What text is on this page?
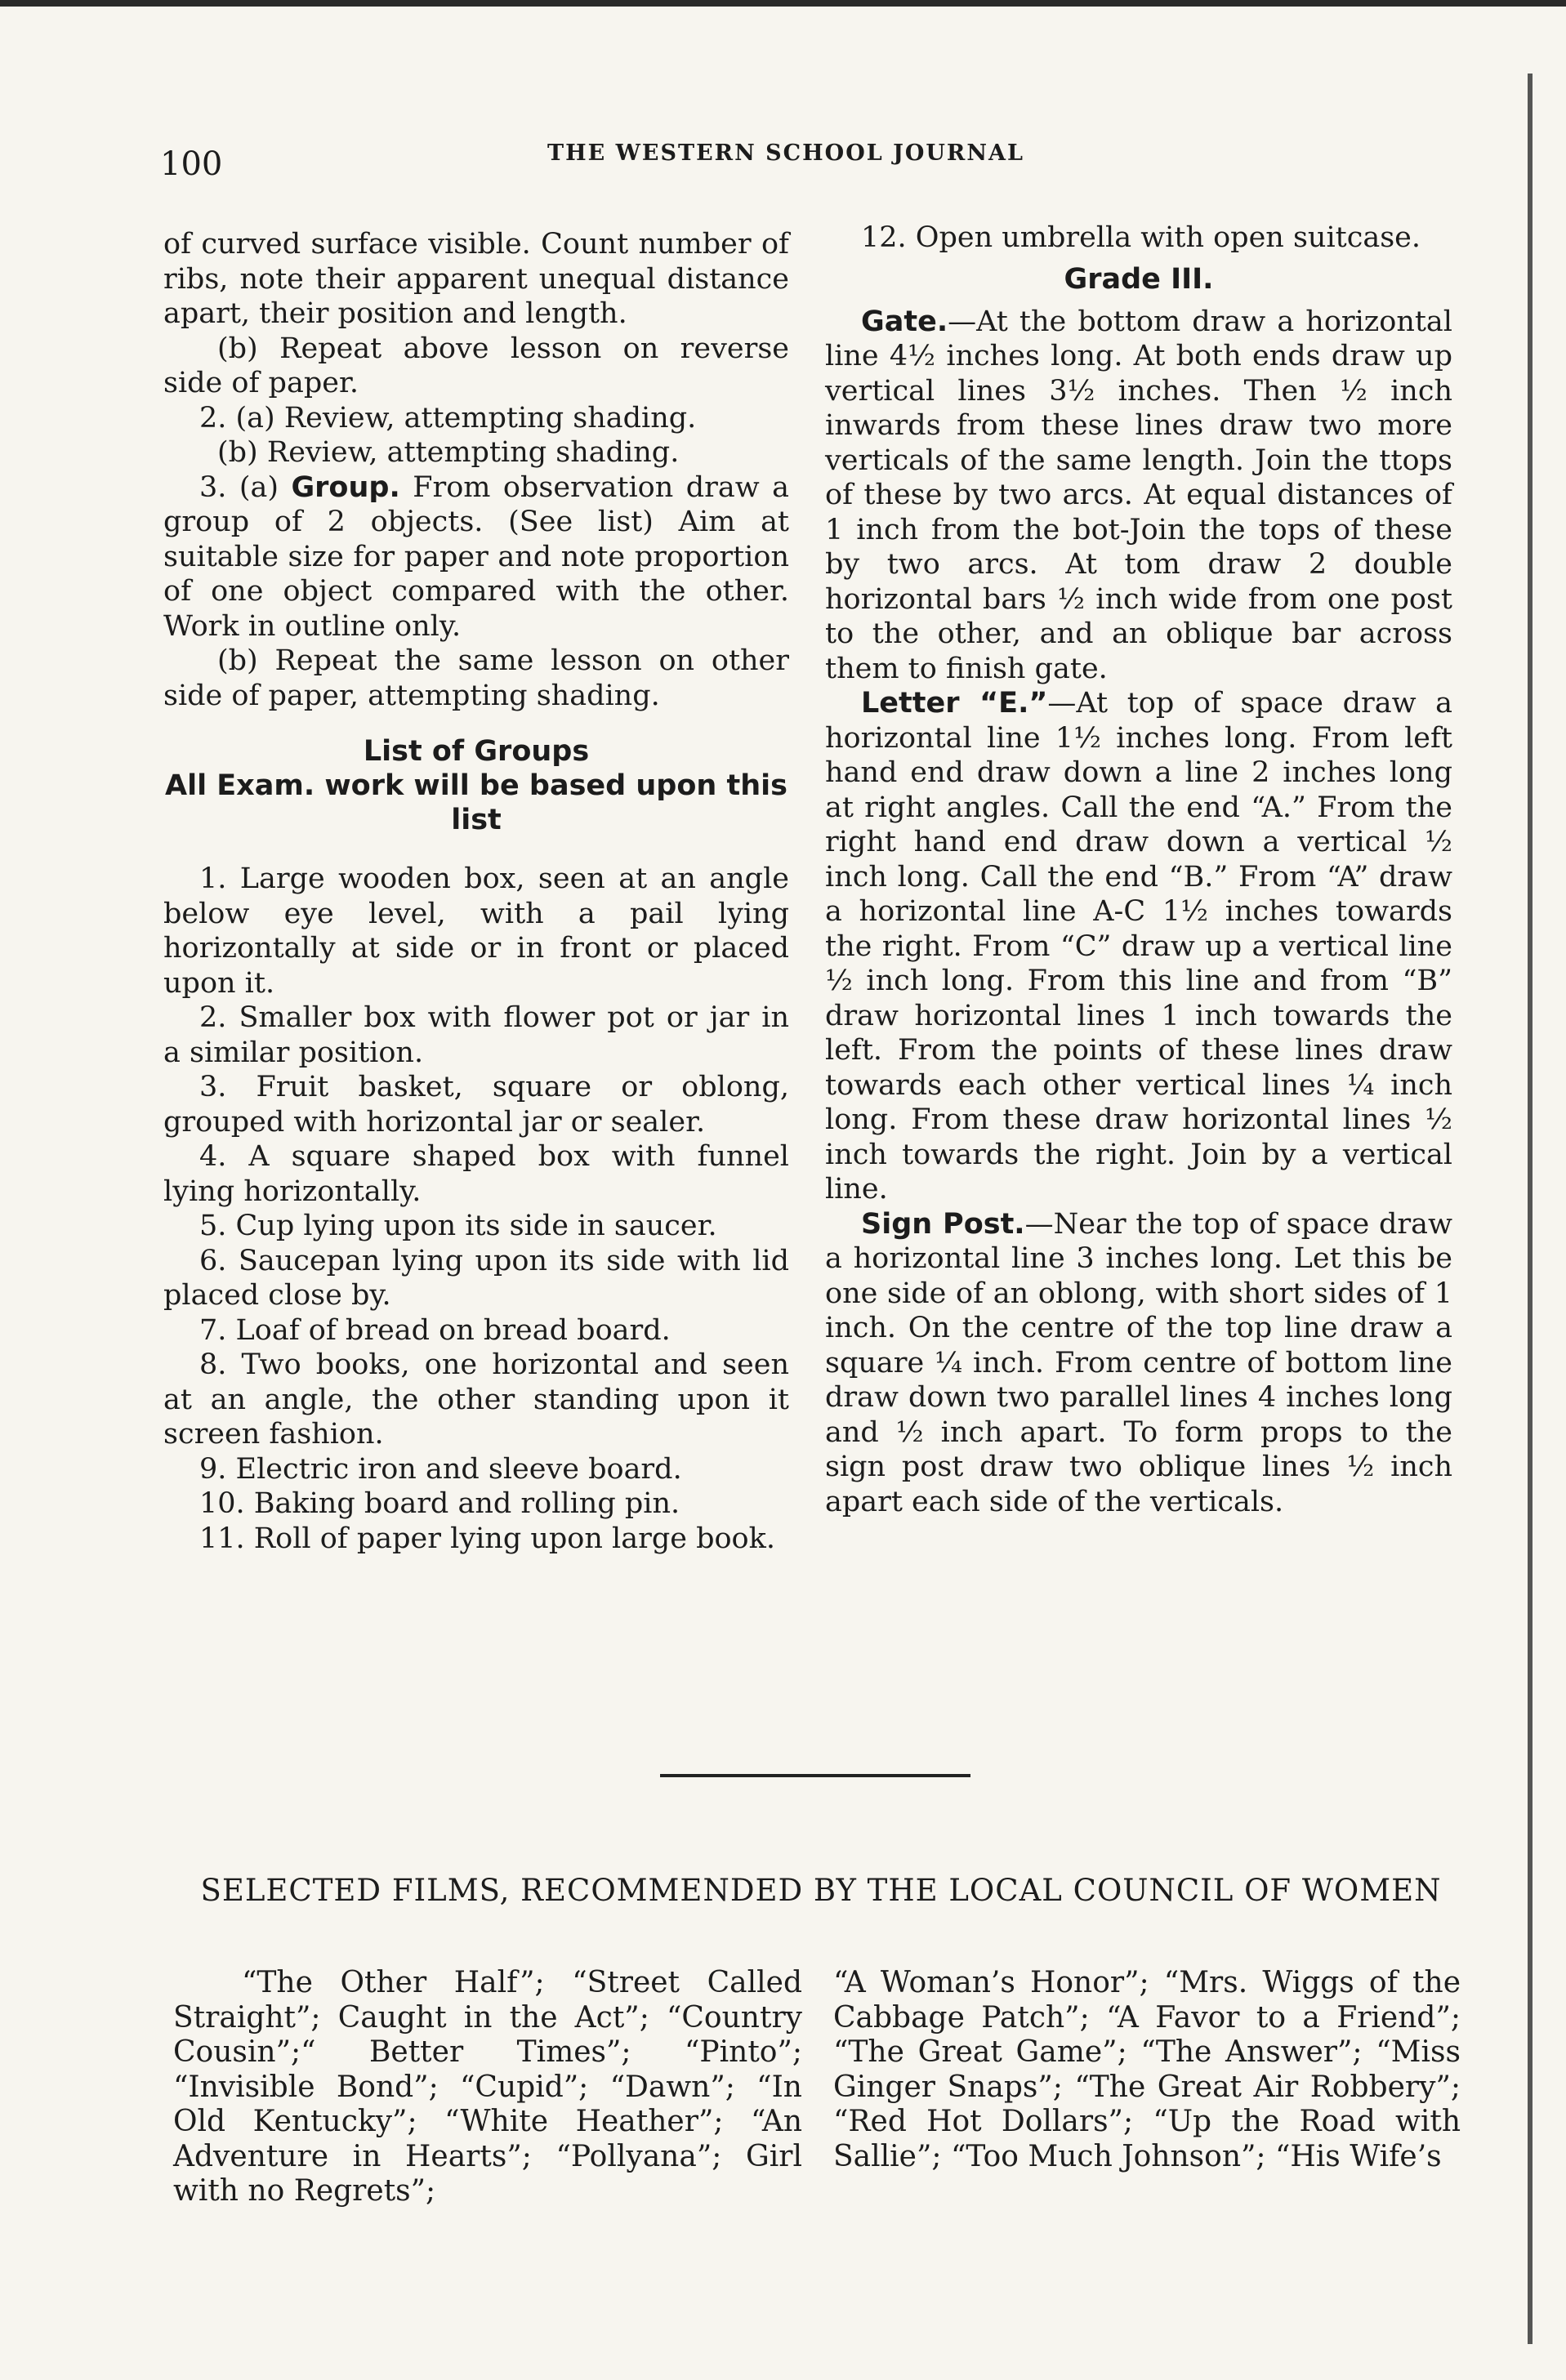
100	THE WESTERN SCHOOL JOURNAL

of curved surface visible. Count number of ribs, note their apparent unequal distance apart, their position and length.

(b) Repeat above lesson on reverse side of paper.

2. (a) Review, attempting shading.

(b) Review, attempting shading.

3. (a) Group. From observation draw a group of 2 objects. (See list) Aim at suitable size for paper and note proportion of one object compared with the other. Work in outline only.

(b) Repeat the same lesson on other side of paper, attempting shading.

List of Groups
All Exam. work will be based upon this list

1. Large wooden box, seen at an angle below eye level, with a pail lying horizontally at side or in front or placed upon it.

2. Smaller box with flower pot or jar in a similar position.

3. Fruit basket, square or oblong, grouped with horizontal jar or sealer.

4. A square shaped box with funnel lying horizontally.

5. Cup lying upon its side in saucer.

6. Saucepan lying upon its side with lid placed close by.

7. Loaf of bread on bread board.

8. Two books, one horizontal and seen at an angle, the other standing upon it screen fashion.

9. Electric iron and sleeve board.

10. Baking board and rolling pin.

11. Roll of paper lying upon large book.

12. Open umbrella with open suitcase.

Grade III.

Gate.—At the bottom draw a horizontal line 4½ inches long. At both ends draw up vertical lines 3½ inches. Then ½ inch inwards from these lines draw two more verticals of the same length. Join the ttops of these by two arcs. At equal distances of 1 inch from the bot-Join the tops of these by two arcs. At tom draw 2 double horizontal bars ½ inch wide from one post to the other, and an oblique bar across them to finish gate.

Letter “E.”—At top of space draw a horizontal line 1½ inches long. From left hand end draw down a line 2 inches long at right angles. Call the end “A.” From the right hand end draw down a vertical ½ inch long. Call the end “B.” From “A” draw a horizontal line A-C 1½ inches towards the right. From “C” draw up a vertical line ½ inch long. From this line and from “B” draw horizontal lines 1 inch towards the left. From the points of these lines draw towards each other vertical lines ¼ inch long. From these draw horizontal lines ½ inch towards the right. Join by a vertical line.

Sign Post.—Near the top of space draw a horizontal line 3 inches long. Let this be one side of an oblong, with short sides of 1 inch. On the centre of the top line draw a square ¼ inch. From centre of bottom line draw down two parallel lines 4 inches long and ½ inch apart. To form props to the sign post draw two oblique lines ½ inch apart each side of the verticals.

SELECTED FILMS, RECOMMENDED BY THE LOCAL COUNCIL OF WOMEN

“The Other Half”; “Street Called Straight”; Caught in the Act”; “Country Cousin”;“ Better Times”; “Pinto”; “Invisible Bond”; “Cupid”; “Dawn”; “In Old Kentucky”; “White Heather”; “An Adventure in Hearts”; “Pollyana”; Girl with no Regrets”;

“A Woman’s Honor”; “Mrs. Wiggs of the Cabbage Patch”; “A Favor to a Friend”; “The Great Game”; “The Answer”; “Miss Ginger Snaps”; “The Great Air Robbery”; “Red Hot Dollars”; “Up the Road with Sallie”; “Too Much Johnson”; “His Wife’s
